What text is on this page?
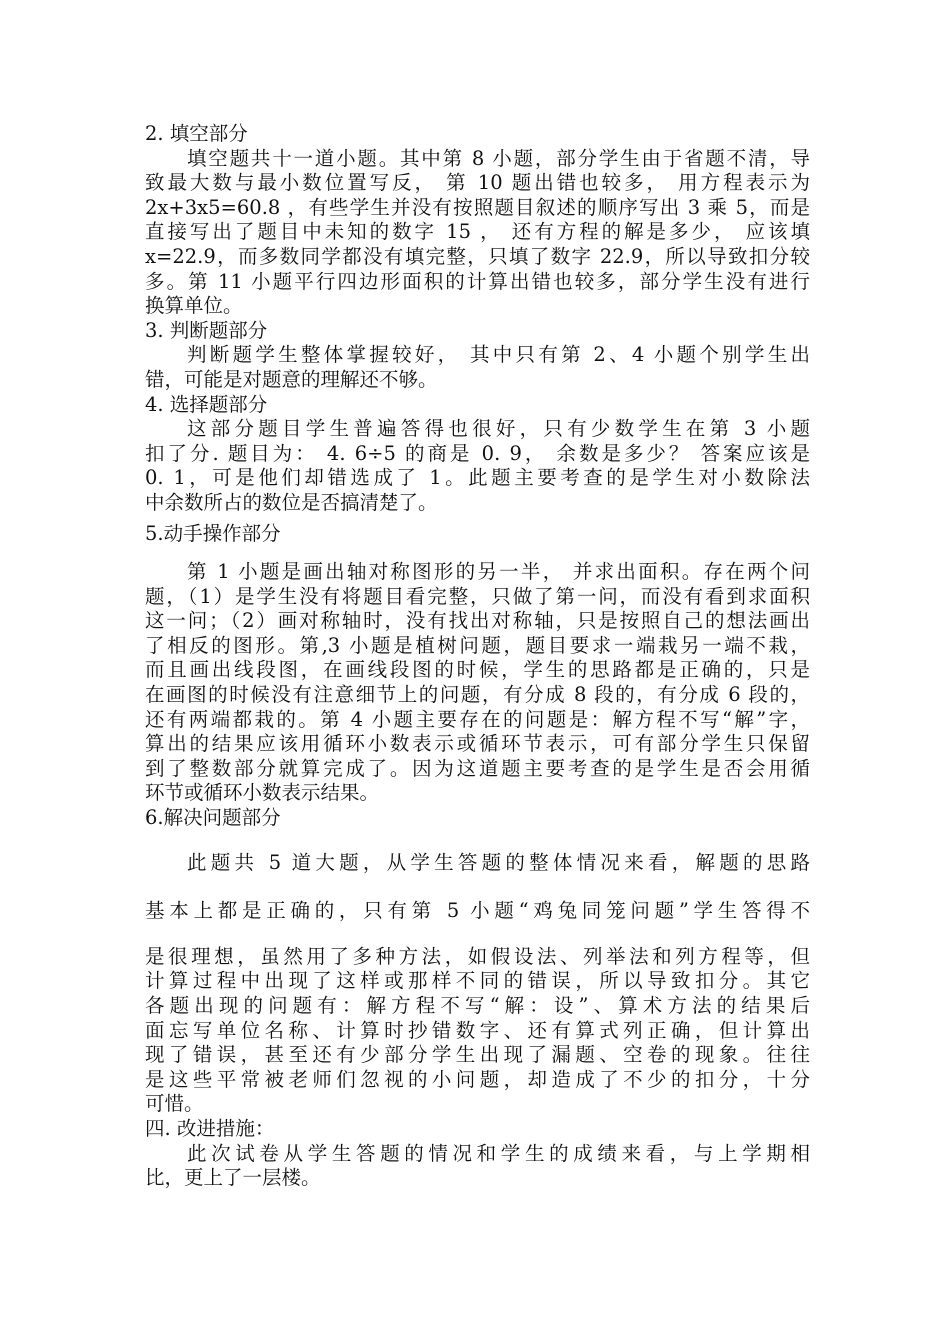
2. 填空部分
填空题共十一道小题。其中第 8 小题，部分学生由于省题不清，导
致最大数与最小数位置写反， 第 10 题出错也较多， 用方程表示为
2x+3x5=60.8 ，有些学生并没有按照题目叙述的顺序写出 3 乘 5，而是
直接写出了题目中未知的数字 15 ， 还有方程的解是多少， 应该填
x=22.9，而多数同学都没有填完整，只填了数字 22.9，所以导致扣分较
多。第 11 小题平行四边形面积的计算出错也较多，部分学生没有进行
换算单位。
3. 判断题部分
判断题学生整体掌握较好， 其中只有第 2、4 小题个别学生出
错，可能是对题意的理解还不够。
4. 选择题部分
这部分题目学生普遍答得也很好，只有少数学生在第 3 小题
扣了分. 题目为： 4. 6÷5 的商是 0. 9， 余数是多少？ 答案应该是
0. 1，可是他们却错选成了 1。此题主要考查的是学生对小数除法
中余数所占的数位是否搞清楚了。
5.动手操作部分
第 1 小题是画出轴对称图形的另一半， 并求出面积。存在两个问
题，（1）是学生没有将题目看完整，只做了第一问，而没有看到求面积
这一问；（2）画对称轴时，没有找出对称轴，只是按照自己的想法画出
了相反的图形。第,3 小题是植树问题，题目要求一端栽另一端不栽，
而且画出线段图，在画线段图的时候，学生的思路都是正确的，只是
在画图的时候没有注意细节上的问题，有分成 8 段的，有分成 6 段的，
还有两端都栽的。第 4 小题主要存在的问题是：解方程不写“解”字，
算出的结果应该用循环小数表示或循环节表示，可有部分学生只保留
到了整数部分就算完成了。因为这道题主要考查的是学生是否会用循
环节或循环小数表示结果。
6.解决问题部分
此题共 5 道大题，从学生答题的整体情况来看，解题的思路
基本上都是正确的，只有第 5 小题“鸡兔同笼问题”学生答得不
是很理想，虽然用了多种方法，如假设法、列举法和列方程等，但
计算过程中出现了这样或那样不同的错误，所以导致扣分。其它
各题出现的问题有：解方程不写“解：设”、算术方法的结果后
面忘写单位名称、计算时抄错数字、还有算式列正确，但计算出
现了错误，甚至还有少部分学生出现了漏题、空卷的现象。往往
是这些平常被老师们忽视的小问题，却造成了不少的扣分，十分
可惜。
四. 改进措施：
此次试卷从学生答题的情况和学生的成绩来看，与上学期相
比，更上了一层楼。
